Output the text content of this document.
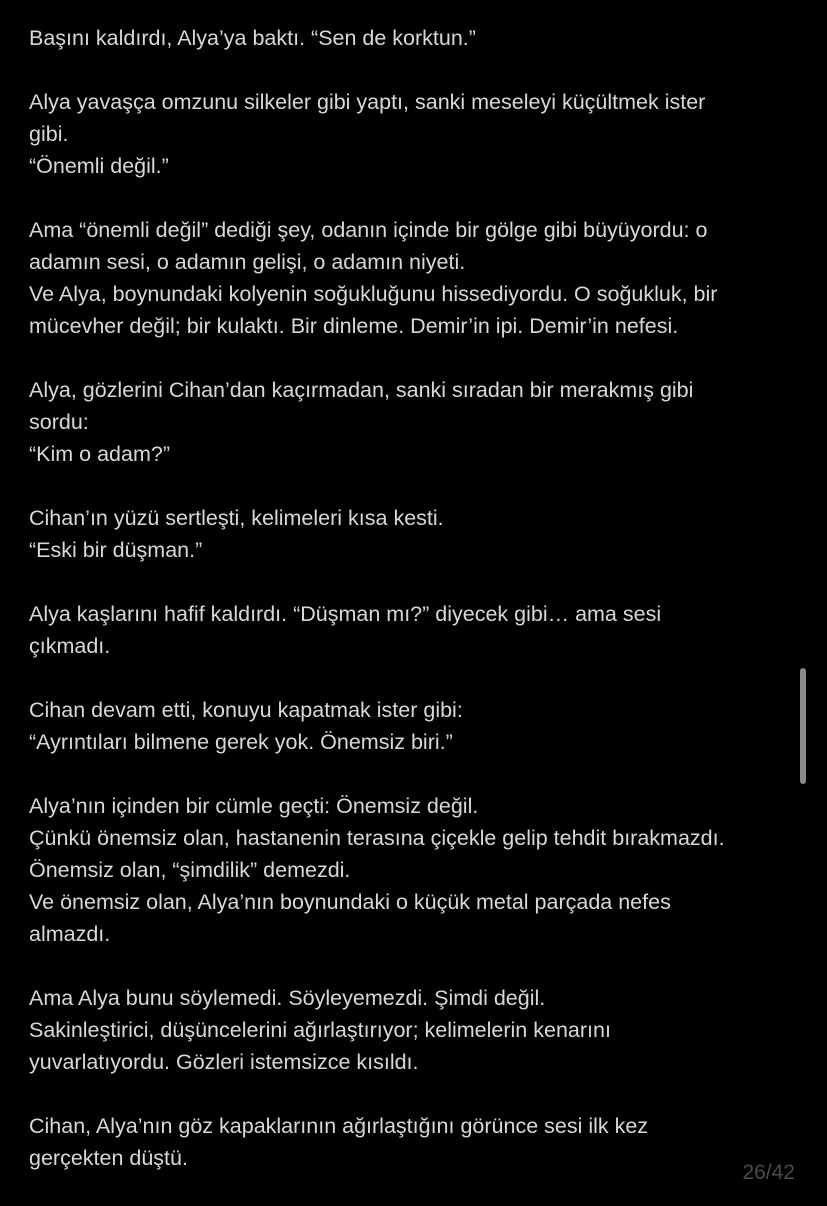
Başını kaldırdı, Alya’ya baktı. “Sen de korktun.”
Alya yavaşça omzunu silkeler gibi yaptı, sanki meseleyi küçültmek ister
gibi.
“Önemli değil.”
Ama “önemli değil” dediği şey, odanın içinde bir gölge gibi büyüyordu: o
adamın sesi, o adamın gelişi, o adamın niyeti.
Ve Alya, boynundaki kolyenin soğukluğunu hissediyordu. O soğukluk, bir
mücevher değil; bir kulaktı. Bir dinleme. Demir’in ipi. Demir’in nefesi.
Alya, gözlerini Cihan’dan kaçırmadan, sanki sıradan bir merakmış gibi
sordu:
“Kim o adam?”
Cihan’ın yüzü sertleşti, kelimeleri kısa kesti.
“Eski bir düşman.”
Alya kaşlarını hafif kaldırdı. “Düşman mı?” diyecek gibi… ama sesi
çıkmadı.
Cihan devam etti, konuyu kapatmak ister gibi:
“Ayrıntıları bilmene gerek yok. Önemsiz biri.”
Alya’nın içinden bir cümle geçti: Önemsiz değil.
Çünkü önemsiz olan, hastanenin terasına çiçekle gelip tehdit bırakmazdı.
Önemsiz olan, “şimdilik” demezdi.
Ve önemsiz olan, Alya’nın boynundaki o küçük metal parçada nefes
almazdı.
Ama Alya bunu söylemedi. Söyleyemezdi. Şimdi değil.
Sakinleştirici, düşüncelerini ağırlaştırıyor; kelimelerin kenarını
yuvarlatıyordu. Gözleri istemsizce kısıldı.
Cihan, Alya’nın göz kapaklarının ağırlaştığını görünce sesi ilk kez
gerçekten düştü.
26/42
